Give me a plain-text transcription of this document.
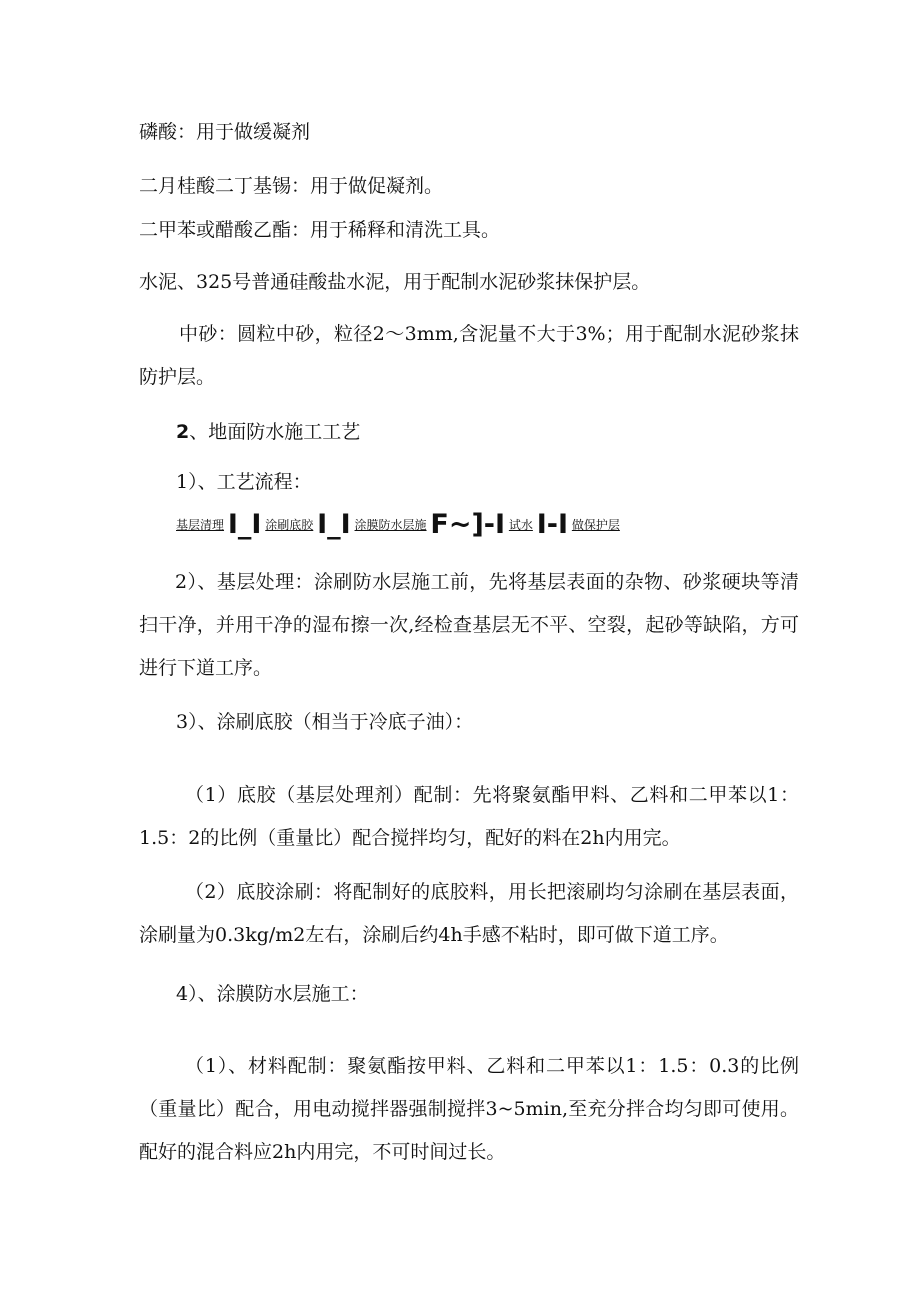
磷酸：用于做缓凝剂

二月桂酸二丁基锡：用于做促凝剂。

二甲苯或醋酸乙酯：用于稀释和清洗工具。

水泥、325号普通硅酸盐水泥，用于配制水泥砂浆抹保护层。

中砂：圆粒中砂，粒径2～3mm,含泥量不大于3%；用于配制水泥砂浆抹防护层。

2、地面防水施工工艺

1）、工艺流程：

基层清理 I_I 涂刷底胶 I_I 涂膜防水层施 F~]-I 试水 I-I 做保护层

2）、基层处理：涂刷防水层施工前，先将基层表面的杂物、砂浆硬块等清扫干净，并用干净的湿布擦一次,经检查基层无不平、空裂，起砂等缺陷，方可进行下道工序。

3）、涂刷底胶（相当于冷底子油）：

（1）底胶（基层处理剂）配制：先将聚氨酯甲料、乙料和二甲苯以1：1.5：2的比例（重量比）配合搅拌均匀，配好的料在2h内用完。

（2）底胶涂刷：将配制好的底胶料，用长把滚刷均匀涂刷在基层表面，涂刷量为0.3kg∕m2左右，涂刷后约4h手感不粘时，即可做下道工序。

4）、涂膜防水层施工：

（1）、材料配制：聚氨酯按甲料、乙料和二甲苯以1：1.5：0.3的比例（重量比）配合，用电动搅拌器强制搅拌3~5min,至充分拌合均匀即可使用。配好的混合料应2h内用完，不可时间过长。
